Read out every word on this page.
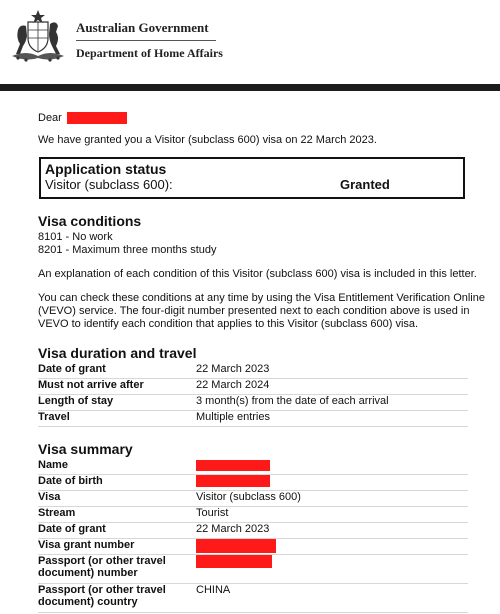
Australian Government
Department of Home Affairs

Dear

We have granted you a Visitor (subclass 600) visa on 22 March 2023.

Application status
Visitor (subclass 600):	Granted
Visa conditions

8101 - No work

8201 - Maximum three months study

An explanation of each condition of this Visitor (subclass 600) visa is included in this letter.

You can check these conditions at any time by using the Visa Entitlement Verification Online (VEVO) service. The four-digit number presented next to each condition above is used in VEVO to identify each condition that applies to this Visitor (subclass 600) visa.

Visa duration and travel
Date of grant	22 March 2023
Must not arrive after	22 March 2024
Length of stay	3 month(s) from the date of each arrival
Travel	Multiple entries
Visa summary
Name	
Date of birth	
Visa	Visitor (subclass 600)
Stream	Tourist
Date of grant	22 March 2023
Visa grant number	
Passport (or other travel document) number	
Passport (or other travel document) country	CHINA
